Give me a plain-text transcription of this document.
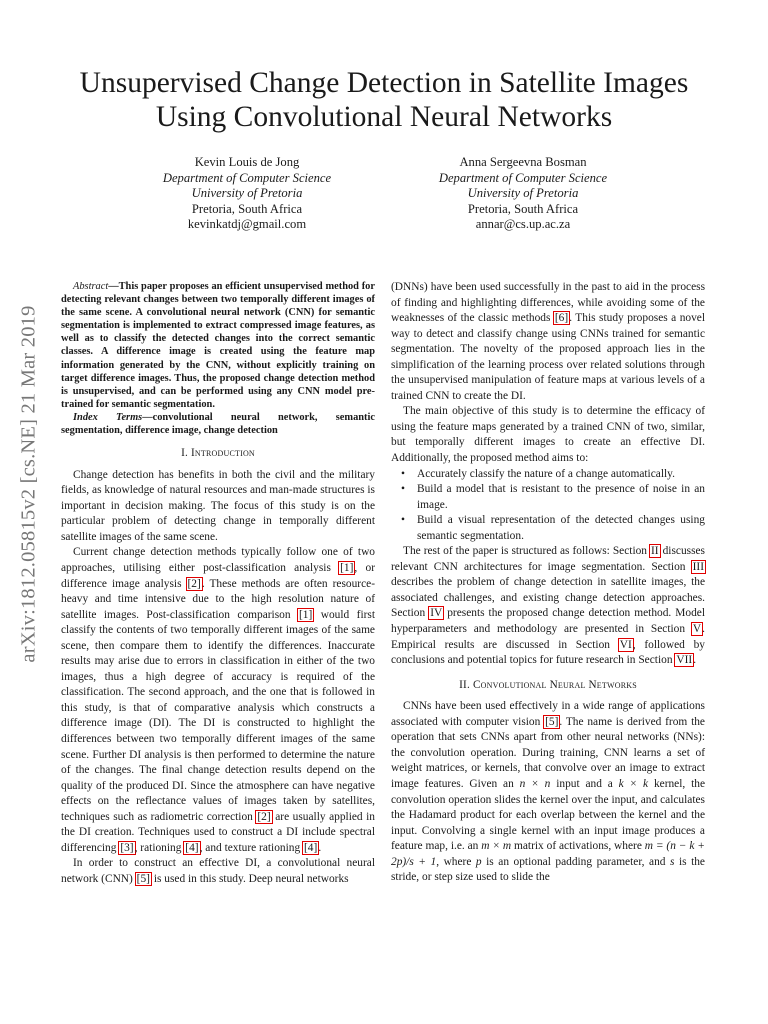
Unsupervised Change Detection in Satellite Images
Using Convolutional Neural Networks
Kevin Louis de Jong
Department of Computer Science
University of Pretoria
Pretoria, South Africa
kevinkatdj@gmail.com
Anna Sergeevna Bosman
Department of Computer Science
University of Pretoria
Pretoria, South Africa
annar@cs.up.ac.za
arXiv:1812.05815v2 [cs.NE] 21 Mar 2019

Abstract—This paper proposes an efficient unsupervised method for detecting relevant changes between two temporally different images of the same scene. A convolutional neural network (CNN) for semantic segmentation is implemented to extract compressed image features, as well as to classify the detected changes into the correct semantic classes. A difference image is created using the feature map information generated by the CNN, without explicitly training on target difference images. Thus, the proposed change detection method is unsupervised, and can be performed using any CNN model pre-trained for semantic segmentation.

Index Terms—convolutional neural network, semantic segmentation, difference image, change detection

I. Introduction

Change detection has benefits in both the civil and the military fields, as knowledge of natural resources and man-made structures is important in decision making. The focus of this study is on the particular problem of detecting change in temporally different satellite images of the same scene.

Current change detection methods typically follow one of two approaches, utilising either post-classification analysis [1], or difference image analysis [2]. These methods are often resource-heavy and time intensive due to the high resolution nature of satellite images. Post-classification comparison [1] would first classify the contents of two temporally different images of the same scene, then compare them to identify the differences. Inaccurate results may arise due to errors in classification in either of the two images, thus a high degree of accuracy is required of the classification. The second approach, and the one that is followed in this study, is that of comparative analysis which constructs a difference image (DI). The DI is constructed to highlight the differences between two temporally different images of the same scene. Further DI analysis is then performed to determine the nature of the changes. The final change detection results depend on the quality of the produced DI. Since the atmosphere can have negative effects on the reflectance values of images taken by satellites, techniques such as radiometric correction [2] are usually applied in the DI creation. Techniques used to construct a DI include spectral differencing [3], rationing [4], and texture rationing [4].

In order to construct an effective DI, a convolutional neural network (CNN) [5] is used in this study. Deep neural networks

(DNNs) have been used successfully in the past to aid in the process of finding and highlighting differences, while avoiding some of the weaknesses of the classic methods [6]. This study proposes a novel way to detect and classify change using CNNs trained for semantic segmentation. The novelty of the proposed approach lies in the simplification of the learning process over related solutions through the unsupervised manipulation of feature maps at various levels of a trained CNN to create the DI.

The main objective of this study is to determine the efficacy of using the feature maps generated by a trained CNN of two, similar, but temporally different images to create an effective DI. Additionally, the proposed method aims to:

• Accurately classify the nature of a change automatically.
• Build a model that is resistant to the presence of noise in an image.
• Build a visual representation of the detected changes using semantic segmentation.

The rest of the paper is structured as follows: Section II discusses relevant CNN architectures for image segmentation. Section III describes the problem of change detection in satellite images, the associated challenges, and existing change detection approaches. Section IV presents the proposed change detection method. Model hyperparameters and methodology are presented in Section V. Empirical results are discussed in Section VI, followed by conclusions and potential topics for future research in Section VII.

II. Convolutional Neural Networks

CNNs have been used effectively in a wide range of applications associated with computer vision [5]. The name is derived from the operation that sets CNNs apart from other neural networks (NNs): the convolution operation. During training, CNN learns a set of weight matrices, or kernels, that convolve over an image to extract image features. Given an n × n input and a k × k kernel, the convolution operation slides the kernel over the input, and calculates the Hadamard product for each overlap between the kernel and the input. Convolving a single kernel with an input image produces a feature map, i.e. an m × m matrix of activations, where m = (n − k + 2p)/s + 1, where p is an optional padding parameter, and s is the stride, or step size used to slide the
